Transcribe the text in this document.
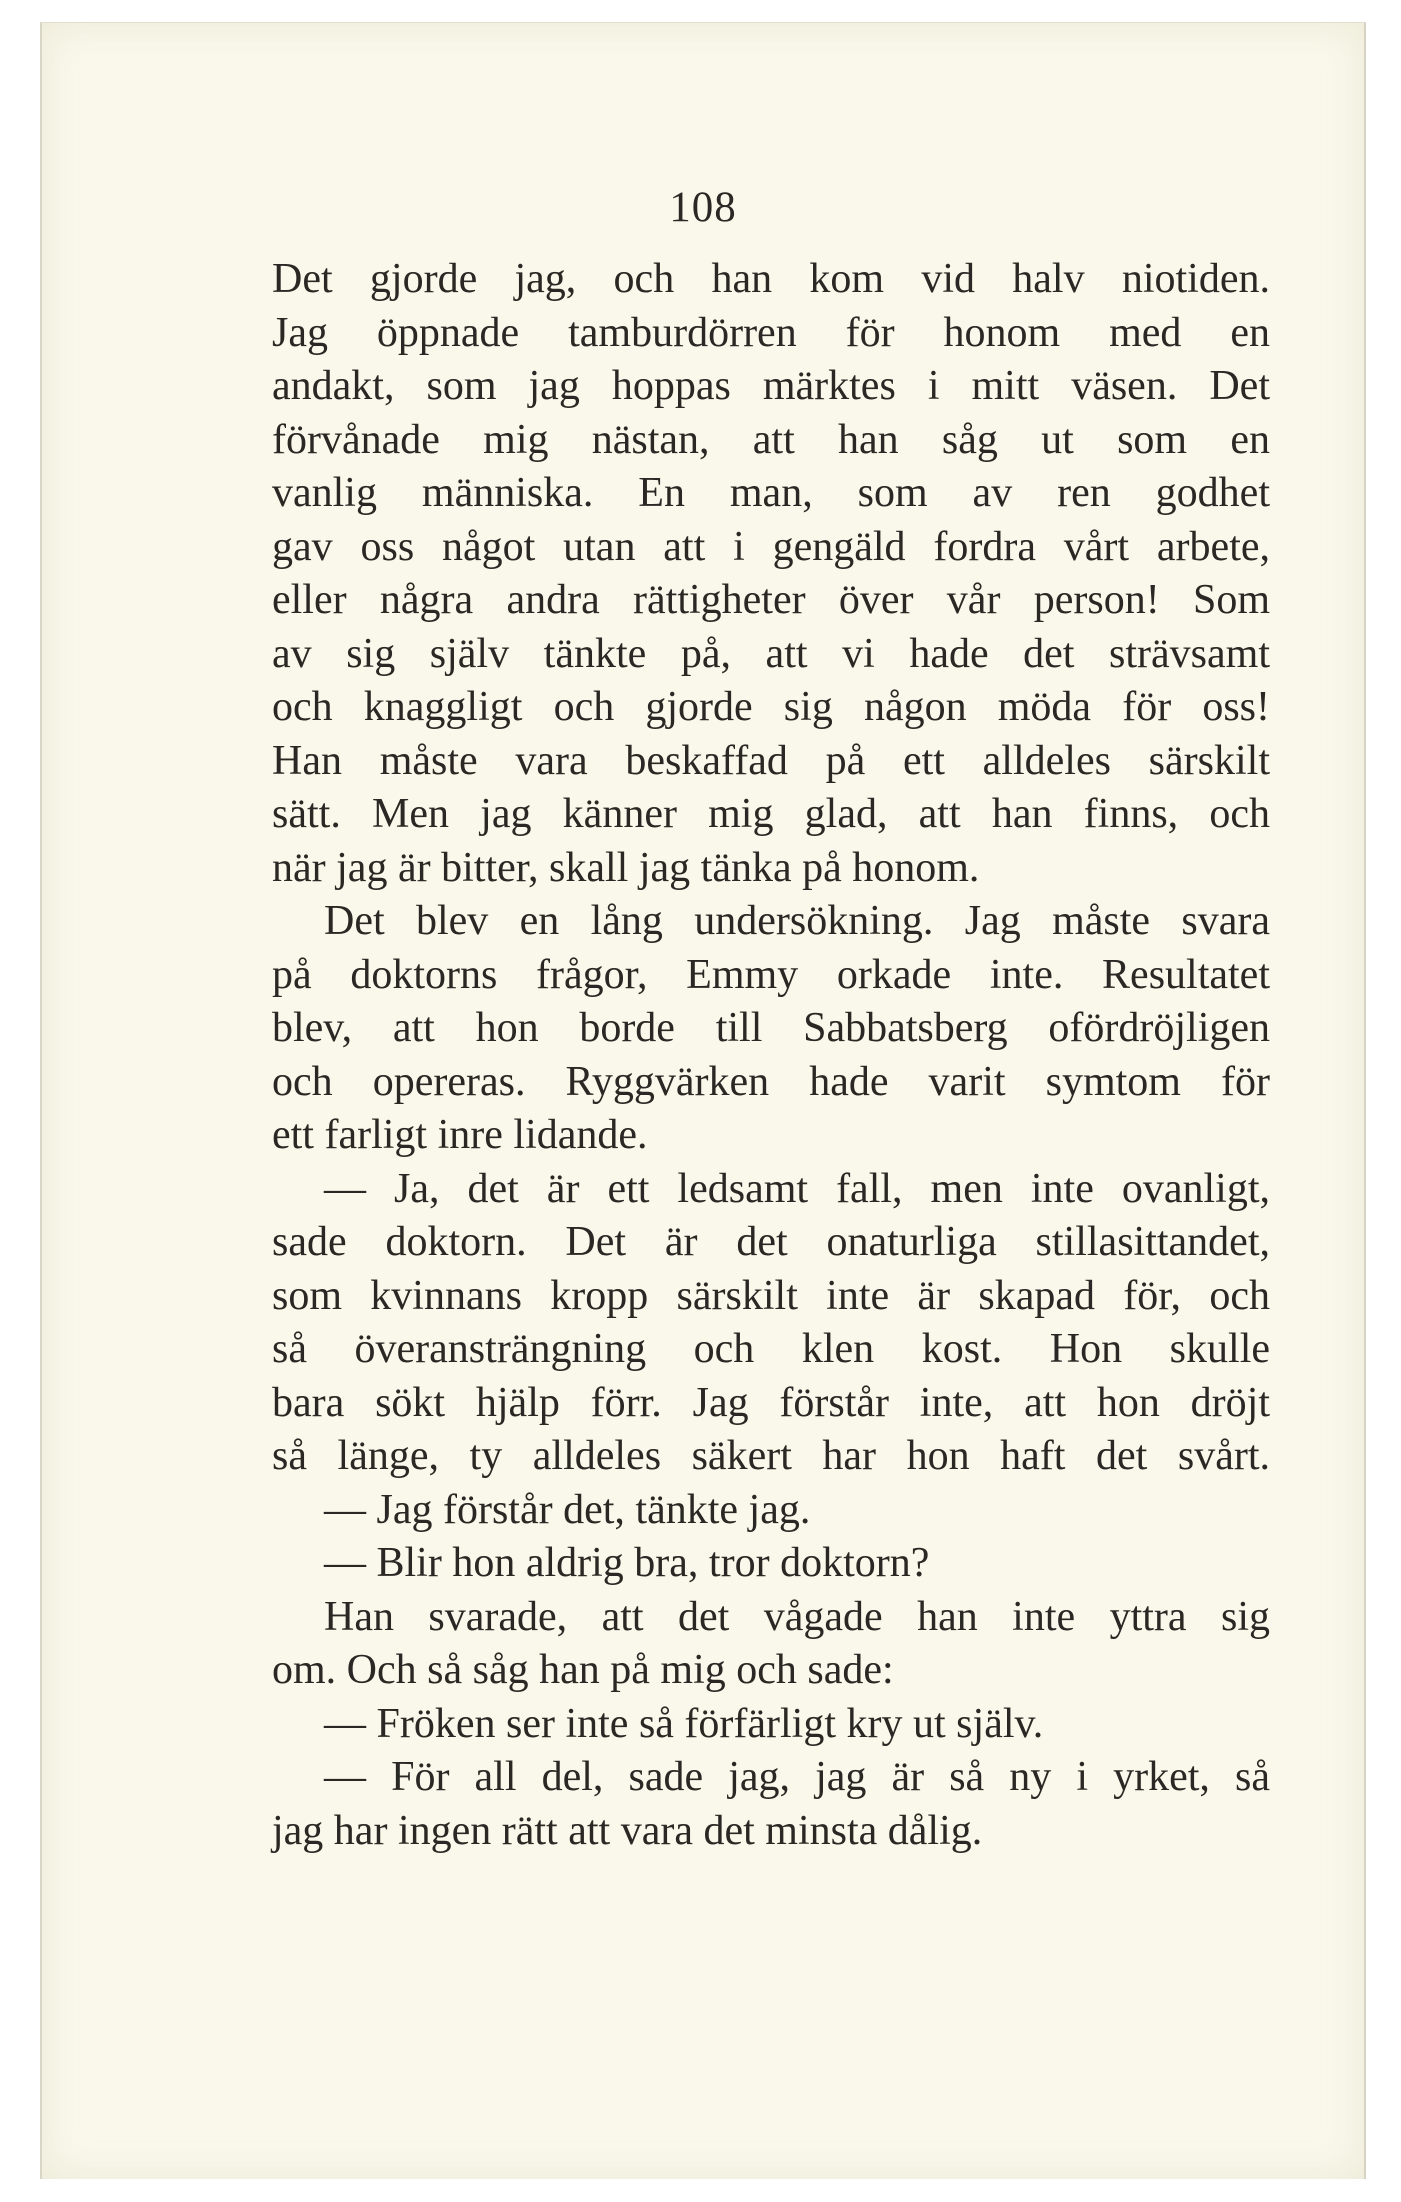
108
Det gjorde jag, och han kom vid halv niotiden.
Jag öppnade tamburdörren för honom med en
andakt, som jag hoppas märktes i mitt väsen. Det
förvånade mig nästan, att han såg ut som en
vanlig människa. En man, som av ren godhet
gav oss något utan att i gengäld fordra vårt arbete,
eller några andra rättigheter över vår person! Som
av sig själv tänkte på, att vi hade det strävsamt
och knaggligt och gjorde sig någon möda för oss!
Han måste vara beskaffad på ett alldeles särskilt
sätt. Men jag känner mig glad, att han finns, och
när jag är bitter, skall jag tänka på honom.
Det blev en lång undersökning. Jag måste svara
på doktorns frågor, Emmy orkade inte. Resultatet
blev, att hon borde till Sabbatsberg ofördröjligen
och opereras. Ryggvärken hade varit symtom för
ett farligt inre lidande.
— Ja, det är ett ledsamt fall, men inte ovanligt,
sade doktorn. Det är det onaturliga stillasittandet,
som kvinnans kropp särskilt inte är skapad för, och
så överansträngning och klen kost. Hon skulle
bara sökt hjälp förr. Jag förstår inte, att hon dröjt
så länge, ty alldeles säkert har hon haft det svårt.
— Jag förstår det, tänkte jag.
— Blir hon aldrig bra, tror doktorn?
Han svarade, att det vågade han inte yttra sig
om. Och så såg han på mig och sade:
— Fröken ser inte så förfärligt kry ut själv.
— För all del, sade jag, jag är så ny i yrket, så
jag har ingen rätt att vara det minsta dålig.
